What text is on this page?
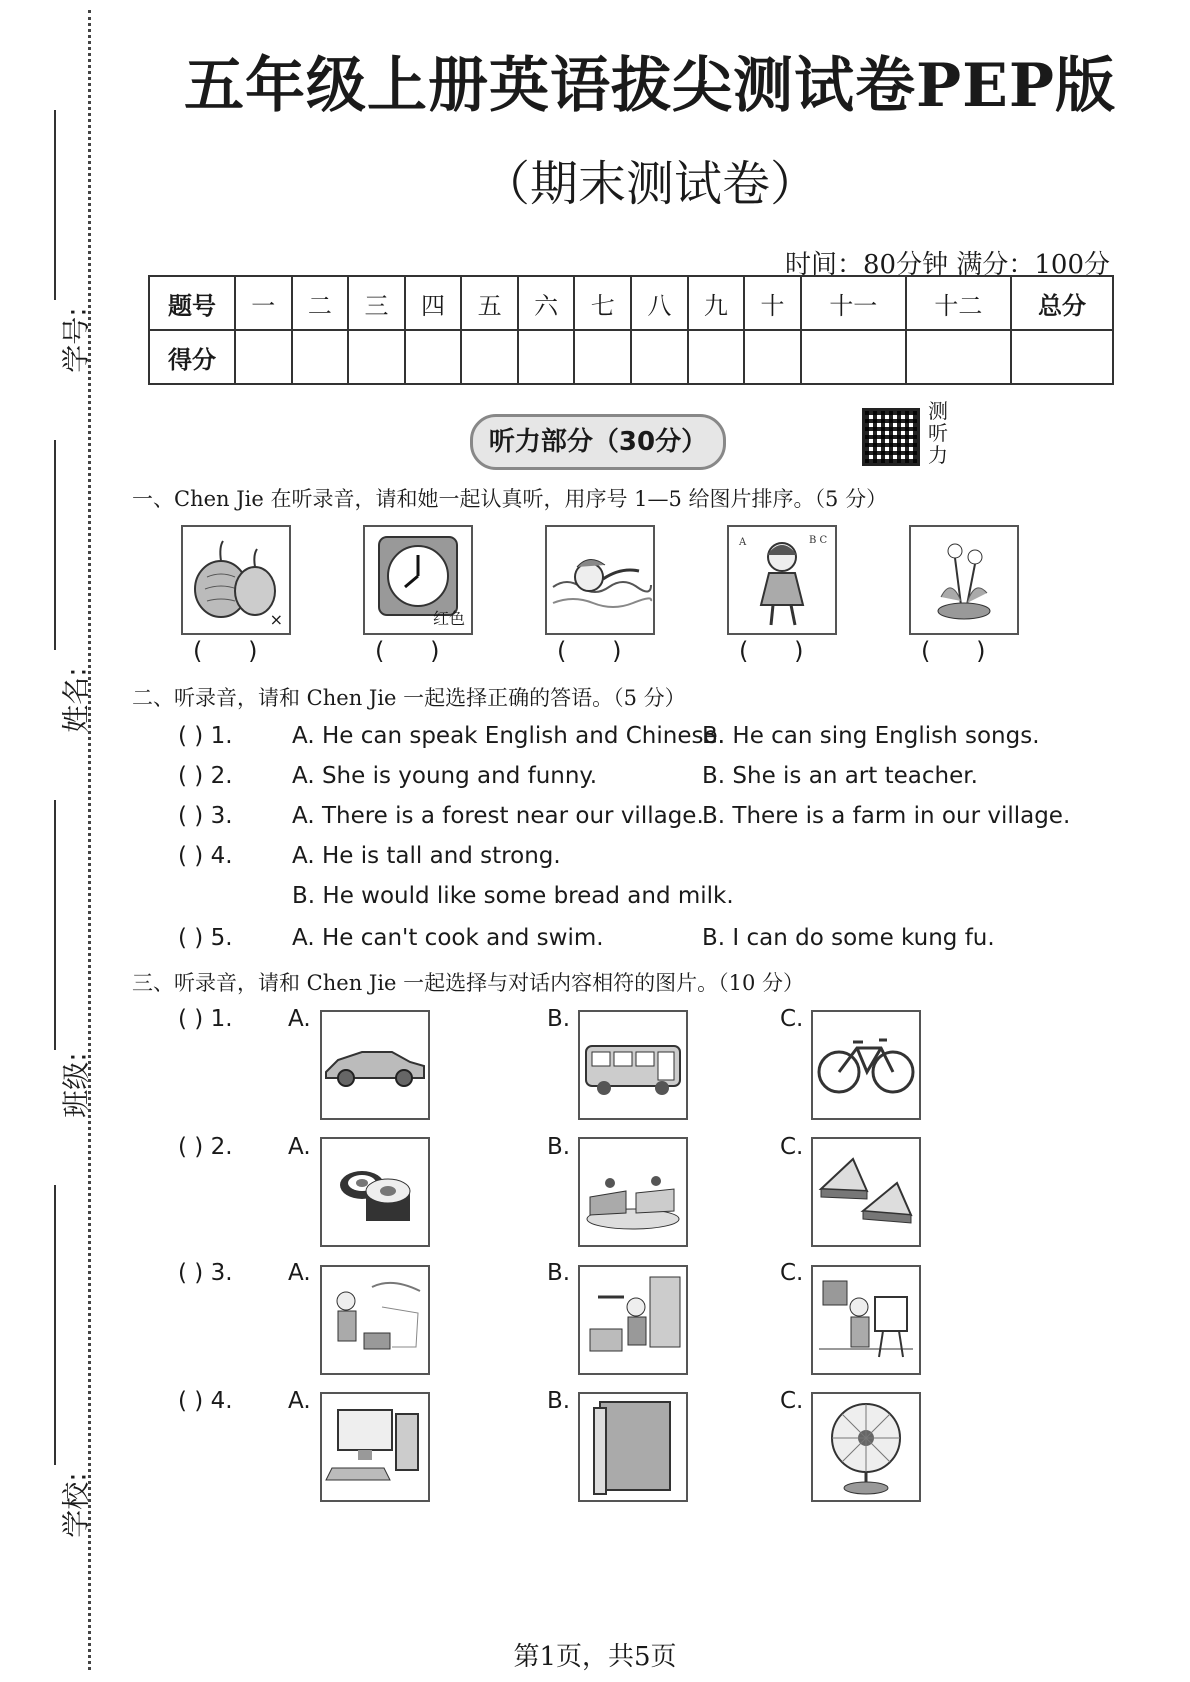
学号:
姓名:
班级:
学校:
五年级上册英语拔尖测试卷PEP版
（期末测试卷）
时间：80分钟 满分：100分
题号	一	二	三	四	五	六	七	八	九	十	十一	十二	总分
得分													
听力部分（30分）
测听力
一、Chen Jie 在听录音，请和她一起认真听，用序号 1—5 给图片排序。（5 分）
×	红色
A	B C
(      )	(      )	(      )	(      )	(      )
二、听录音，请和 Chen Jie 一起选择正确的答语。（5 分）
( ) 1.	A. He can speak English and Chinese.B. He can sing English songs.
( ) 2.	A. She is young and funny.	B. She is an art teacher.
( ) 3.	A. There is a forest near our village.B. There is a farm in our village.
( ) 4.	A. He is tall and strong.
B. He would like some bread and milk.
( ) 5.	A. He can't cook and swim.	B. I can do some kung fu.
三、听录音，请和 Chen Jie 一起选择与对话内容相符的图片。（10 分）
( ) 1. A.	B.	C.
( ) 2. A.	B.	C.
( ) 3. A.	B.	C.
( ) 4. A.	B.	C.
第1页，共5页
